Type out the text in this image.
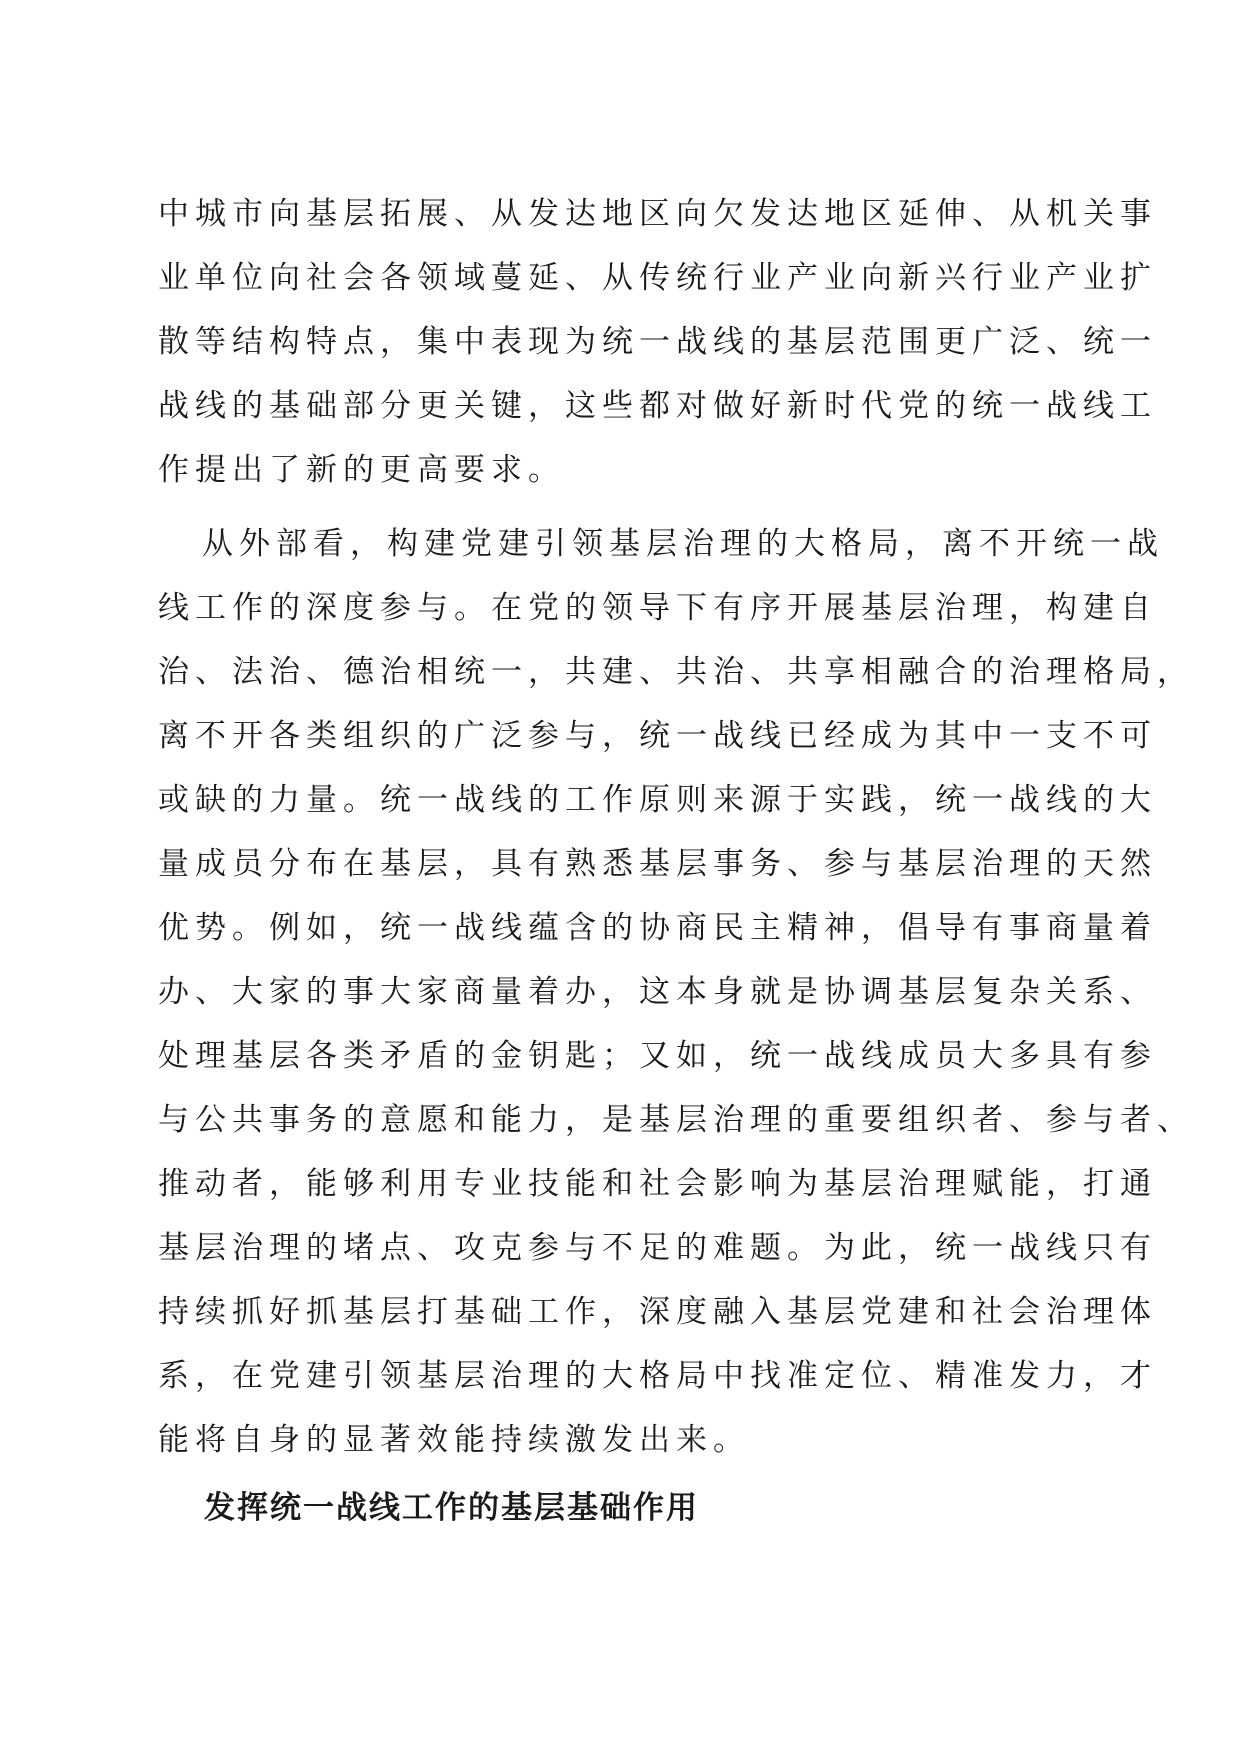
中城市向基层拓展、从发达地区向欠发达地区延伸、从机关事
业单位向社会各领域蔓延、从传统行业产业向新兴行业产业扩
散等结构特点，集中表现为统一战线的基层范围更广泛、统一
战线的基础部分更关键，这些都对做好新时代党的统一战线工
作提出了新的更高要求。
从外部看，构建党建引领基层治理的大格局，离不开统一战
线工作的深度参与。在党的领导下有序开展基层治理，构建自
治、法治、德治相统一，共建、共治、共享相融合的治理格局，
离不开各类组织的广泛参与，统一战线已经成为其中一支不可
或缺的力量。统一战线的工作原则来源于实践，统一战线的大
量成员分布在基层，具有熟悉基层事务、参与基层治理的天然
优势。例如，统一战线蕴含的协商民主精神，倡导有事商量着
办、大家的事大家商量着办，这本身就是协调基层复杂关系、
处理基层各类矛盾的金钥匙；又如，统一战线成员大多具有参
与公共事务的意愿和能力，是基层治理的重要组织者、参与者、
推动者，能够利用专业技能和社会影响为基层治理赋能，打通
基层治理的堵点、攻克参与不足的难题。为此，统一战线只有
持续抓好抓基层打基础工作，深度融入基层党建和社会治理体
系，在党建引领基层治理的大格局中找准定位、精准发力，才
能将自身的显著效能持续激发出来。
发挥统一战线工作的基层基础作用
